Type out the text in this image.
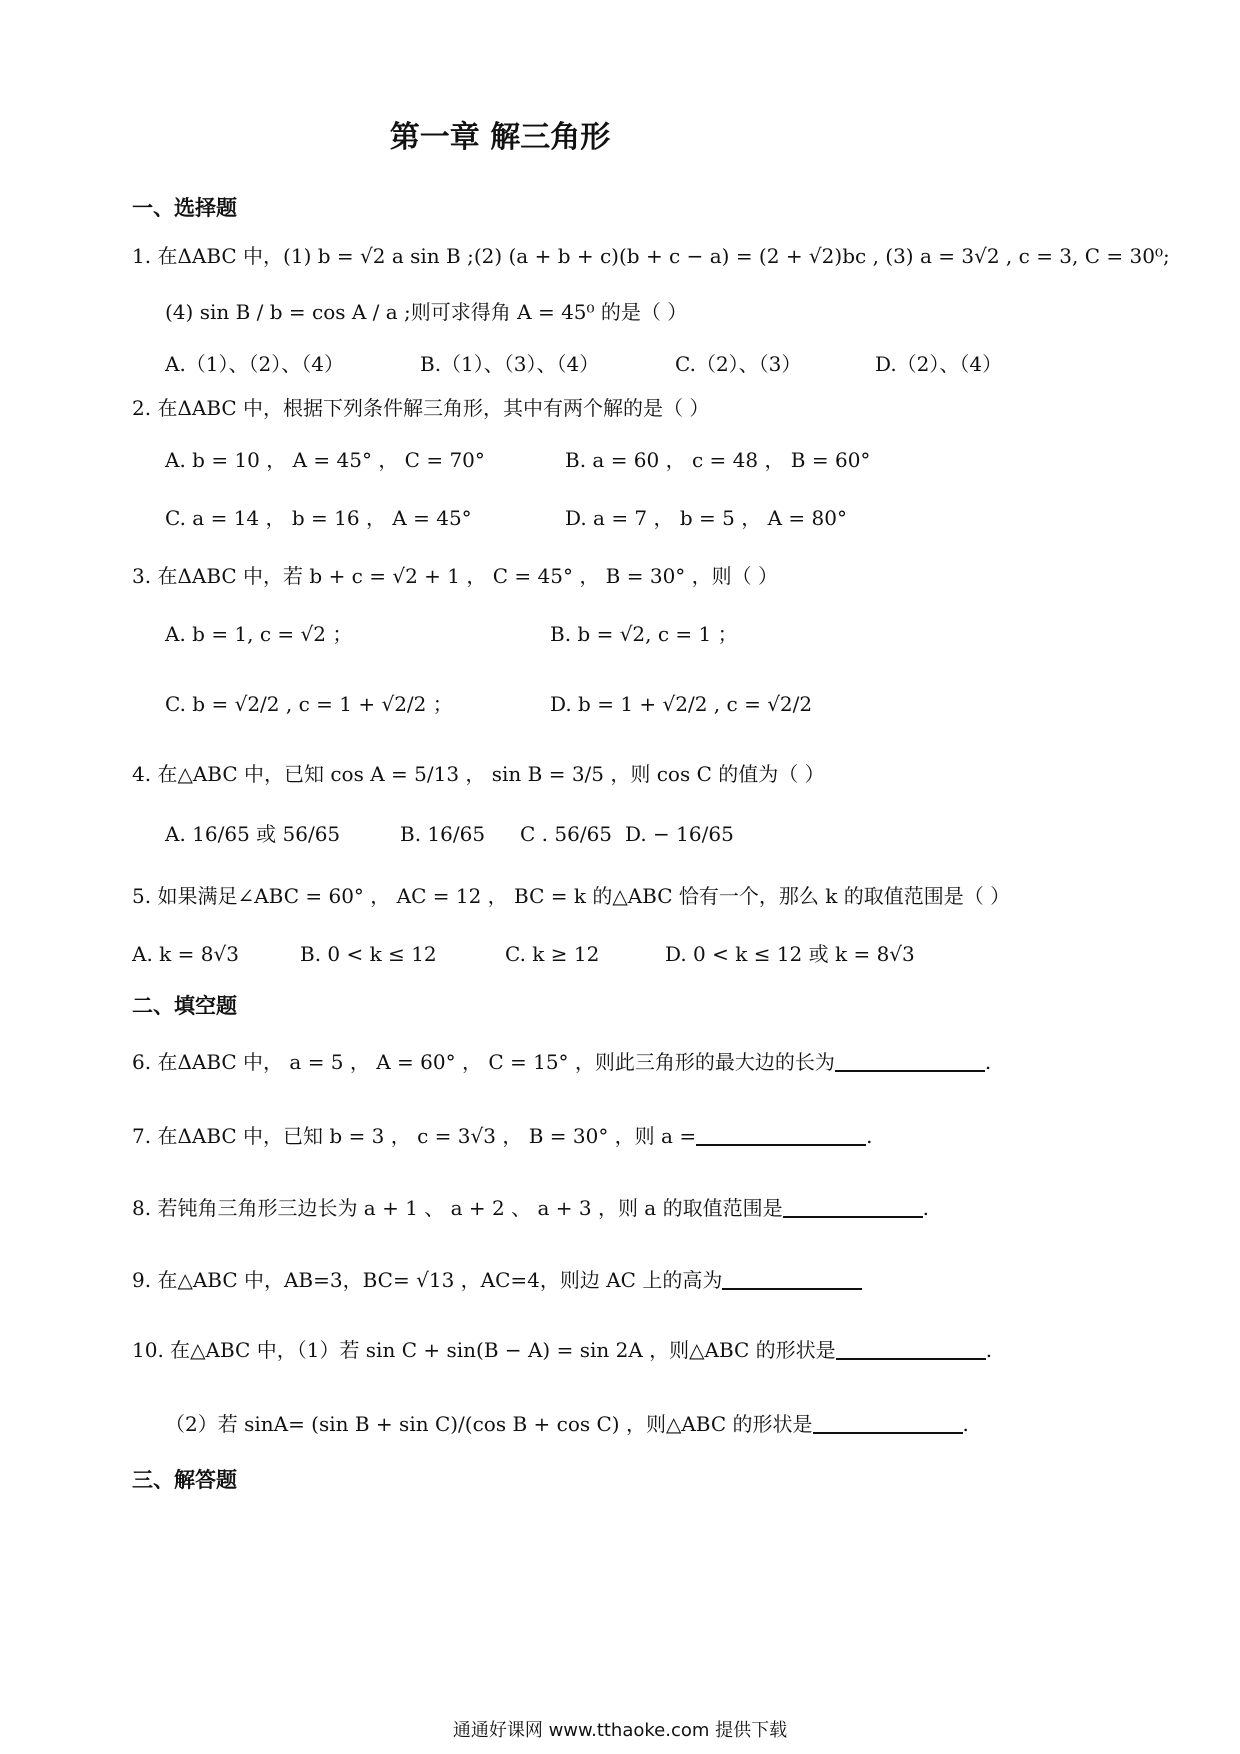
第一章 解三角形
一、选择题
1. 在ΔABC 中，(1) b = √2 a sin B ;(2) (a + b + c)(b + c − a) = (2 + √2)bc , (3) a = 3√2 , c = 3, C = 30⁰;
(4) sin B / b = cos A / a ;则可求得角 A = 45⁰ 的是（ ）
A.（1）、（2）、（4）	B.（1）、（3）、（4）	C.（2）、（3）	D.（2）、（4）
2. 在ΔABC 中，根据下列条件解三角形，其中有两个解的是（ ）
A. b = 10 ， A = 45° ， C = 70°	B. a = 60 ， c = 48 ， B = 60°
C. a = 14 ， b = 16 ， A = 45°	D. a = 7 ， b = 5 ， A = 80°
3. 在ΔABC 中，若 b + c = √2 + 1 ， C = 45° ， B = 30° ，则（ ）
A. b = 1, c = √2 ；	B. b = √2, c = 1 ；
C. b = √2/2 , c = 1 + √2/2 ；	D. b = 1 + √2/2 , c = √2/2
4. 在△ABC 中，已知 cos A = 5/13 ， sin B = 3/5 ，则 cos C 的值为（ ）
A. 16/65 或 56/65	B. 16/65 C . 56/65 D. − 16/65
5. 如果满足∠ABC = 60° ， AC = 12 ， BC = k 的△ABC 恰有一个，那么 k 的取值范围是（ ）
A. k = 8√3	B. 0 < k ≤ 12	C. k ≥ 12	D. 0 < k ≤ 12 或 k = 8√3
二、填空题
6. 在ΔABC 中， a = 5 ， A = 60° ， C = 15° ，则此三角形的最大边的长为	.
7. 在ΔABC 中，已知 b = 3 ， c = 3√3 ， B = 30° ，则 a =	.
8. 若钝角三角形三边长为 a + 1 、 a + 2 、 a + 3 ，则 a 的取值范围是	.
9. 在△ABC 中，AB=3，BC= √13 ，AC=4，则边 AC 上的高为
10. 在△ABC 中，（1）若 sin C + sin(B − A) = sin 2A ，则△ABC 的形状是	.
（2）若 sinA= (sin B + sin C)/(cos B + cos C) ，则△ABC 的形状是	.
三、解答题
通通好课网 www.tthaoke.com 提供下载
